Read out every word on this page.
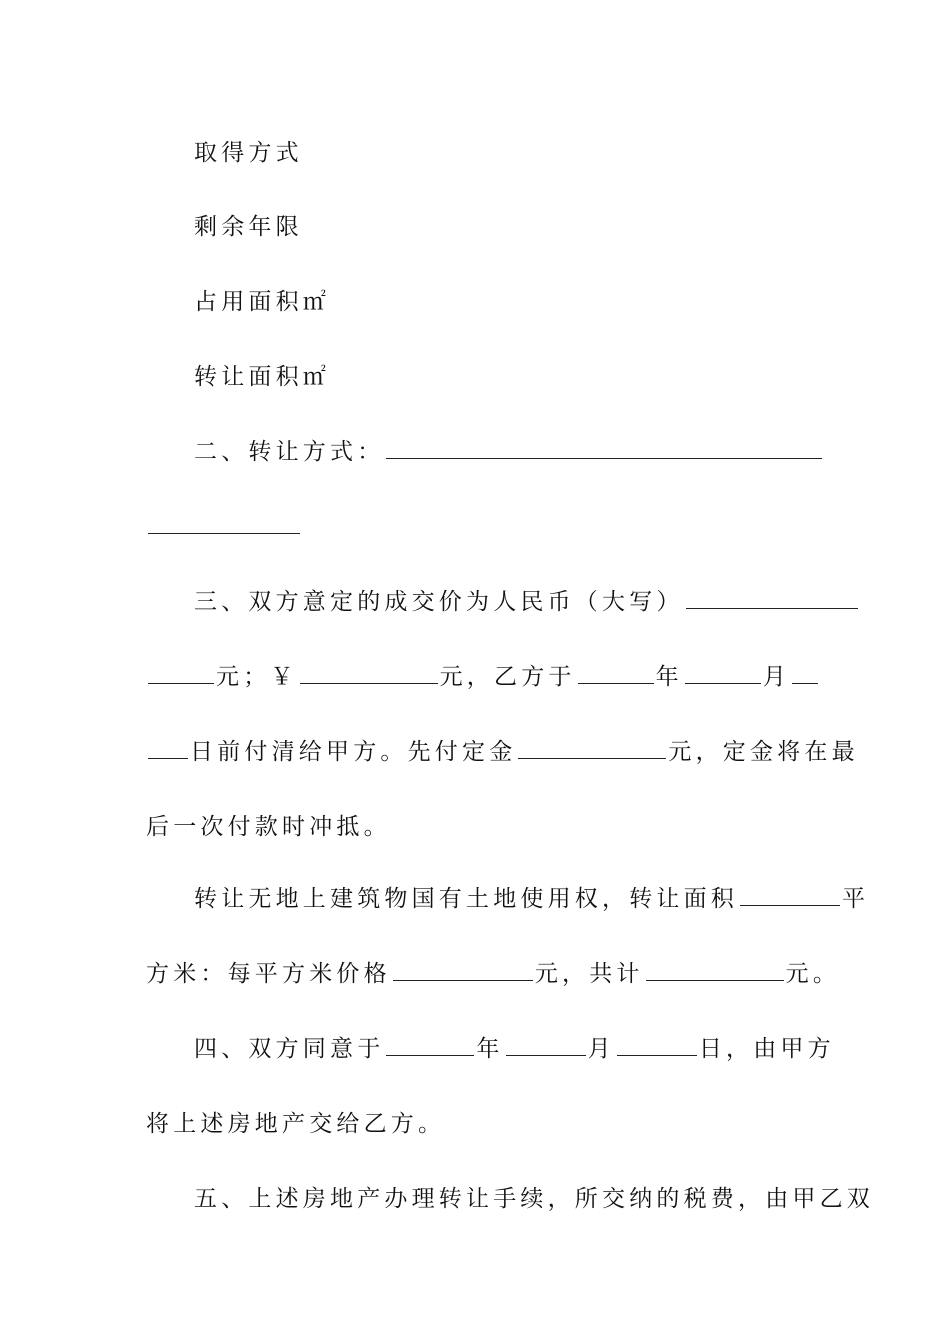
取得方式
剩余年限
占用面积㎡
转让面积㎡
二、转让方式：
三、双方意定的成交价为人民币（大写）
元；￥	元，乙方于	年	月
日前付清给甲方。先付定金	元，定金将在最
后一次付款时冲抵。
转让无地上建筑物国有土地使用权，转让面积	平
方米：每平方米价格	元，共计	元。
四、双方同意于	年	月	日，由甲方
将上述房地产交给乙方。
五、上述房地产办理转让手续，所交纳的税费，由甲乙双
